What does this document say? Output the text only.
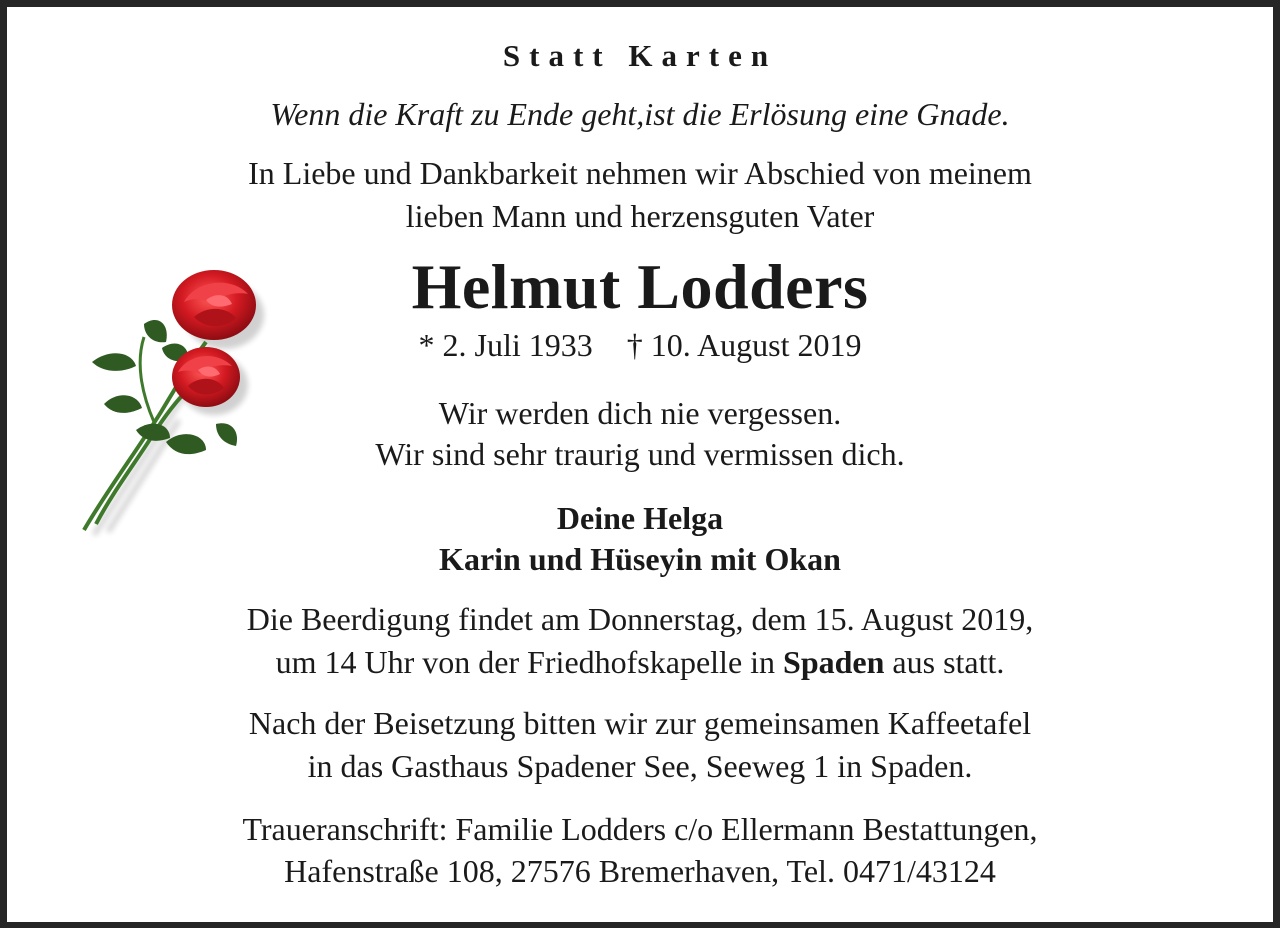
Statt Karten
Wenn die Kraft zu Ende geht,ist die Erlösung eine Gnade.
In Liebe und Dankbarkeit nehmen wir Abschied von meinem
lieben Mann und herzensguten Vater
Helmut Lodders
* 2. Juli 1933 † 10. August 2019
Wir werden dich nie vergessen.
Wir sind sehr traurig und vermissen dich.
Deine Helga
Karin und Hüseyin mit Okan
Die Beerdigung findet am Donnerstag, dem 15. August 2019,
um 14 Uhr von der Friedhofskapelle in Spaden aus statt.
Nach der Beisetzung bitten wir zur gemeinsamen Kaffeetafel
in das Gasthaus Spadener See, Seeweg 1 in Spaden.
Traueranschrift: Familie Lodders c/o Ellermann Bestattungen,
Hafenstraße 108, 27576 Bremerhaven, Tel. 0471/43124
